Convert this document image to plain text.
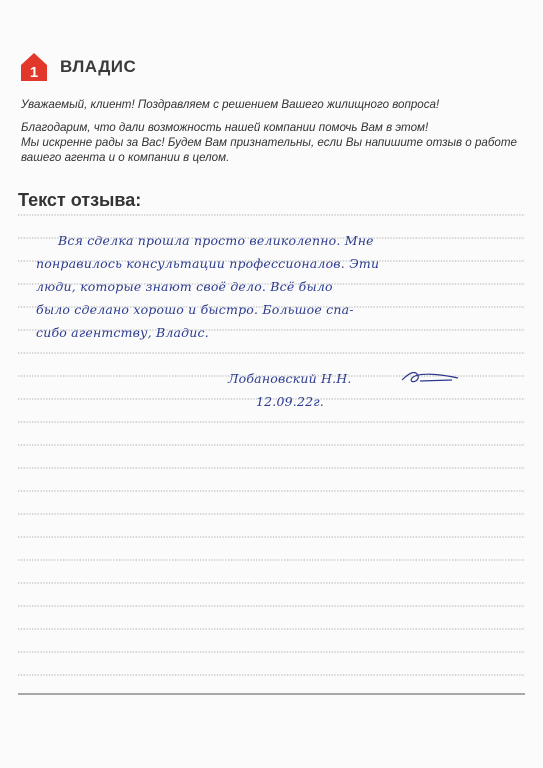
1 ВЛАДИС

Уважаемый, клиент! Поздравляем с решением Вашего жилищного вопроса!

Благодарим, что дали возможность нашей компании помочь Вам в этом!

Мы искренне рады за Вас! Будем Вам признательны, если Вы напишите отзыв о работе

вашего агента и о компании в целом.

Текст отзыва:
Вся сделка прошла просто великолепно. Мне
понравилось консультации профессионалов. Эти
люди, которые знают своё дело. Всё было
было сделано хорошо и быстро. Большое спа-
сибо агентству, Владис.
Лобановский Н.Н.
12.09.22г.
